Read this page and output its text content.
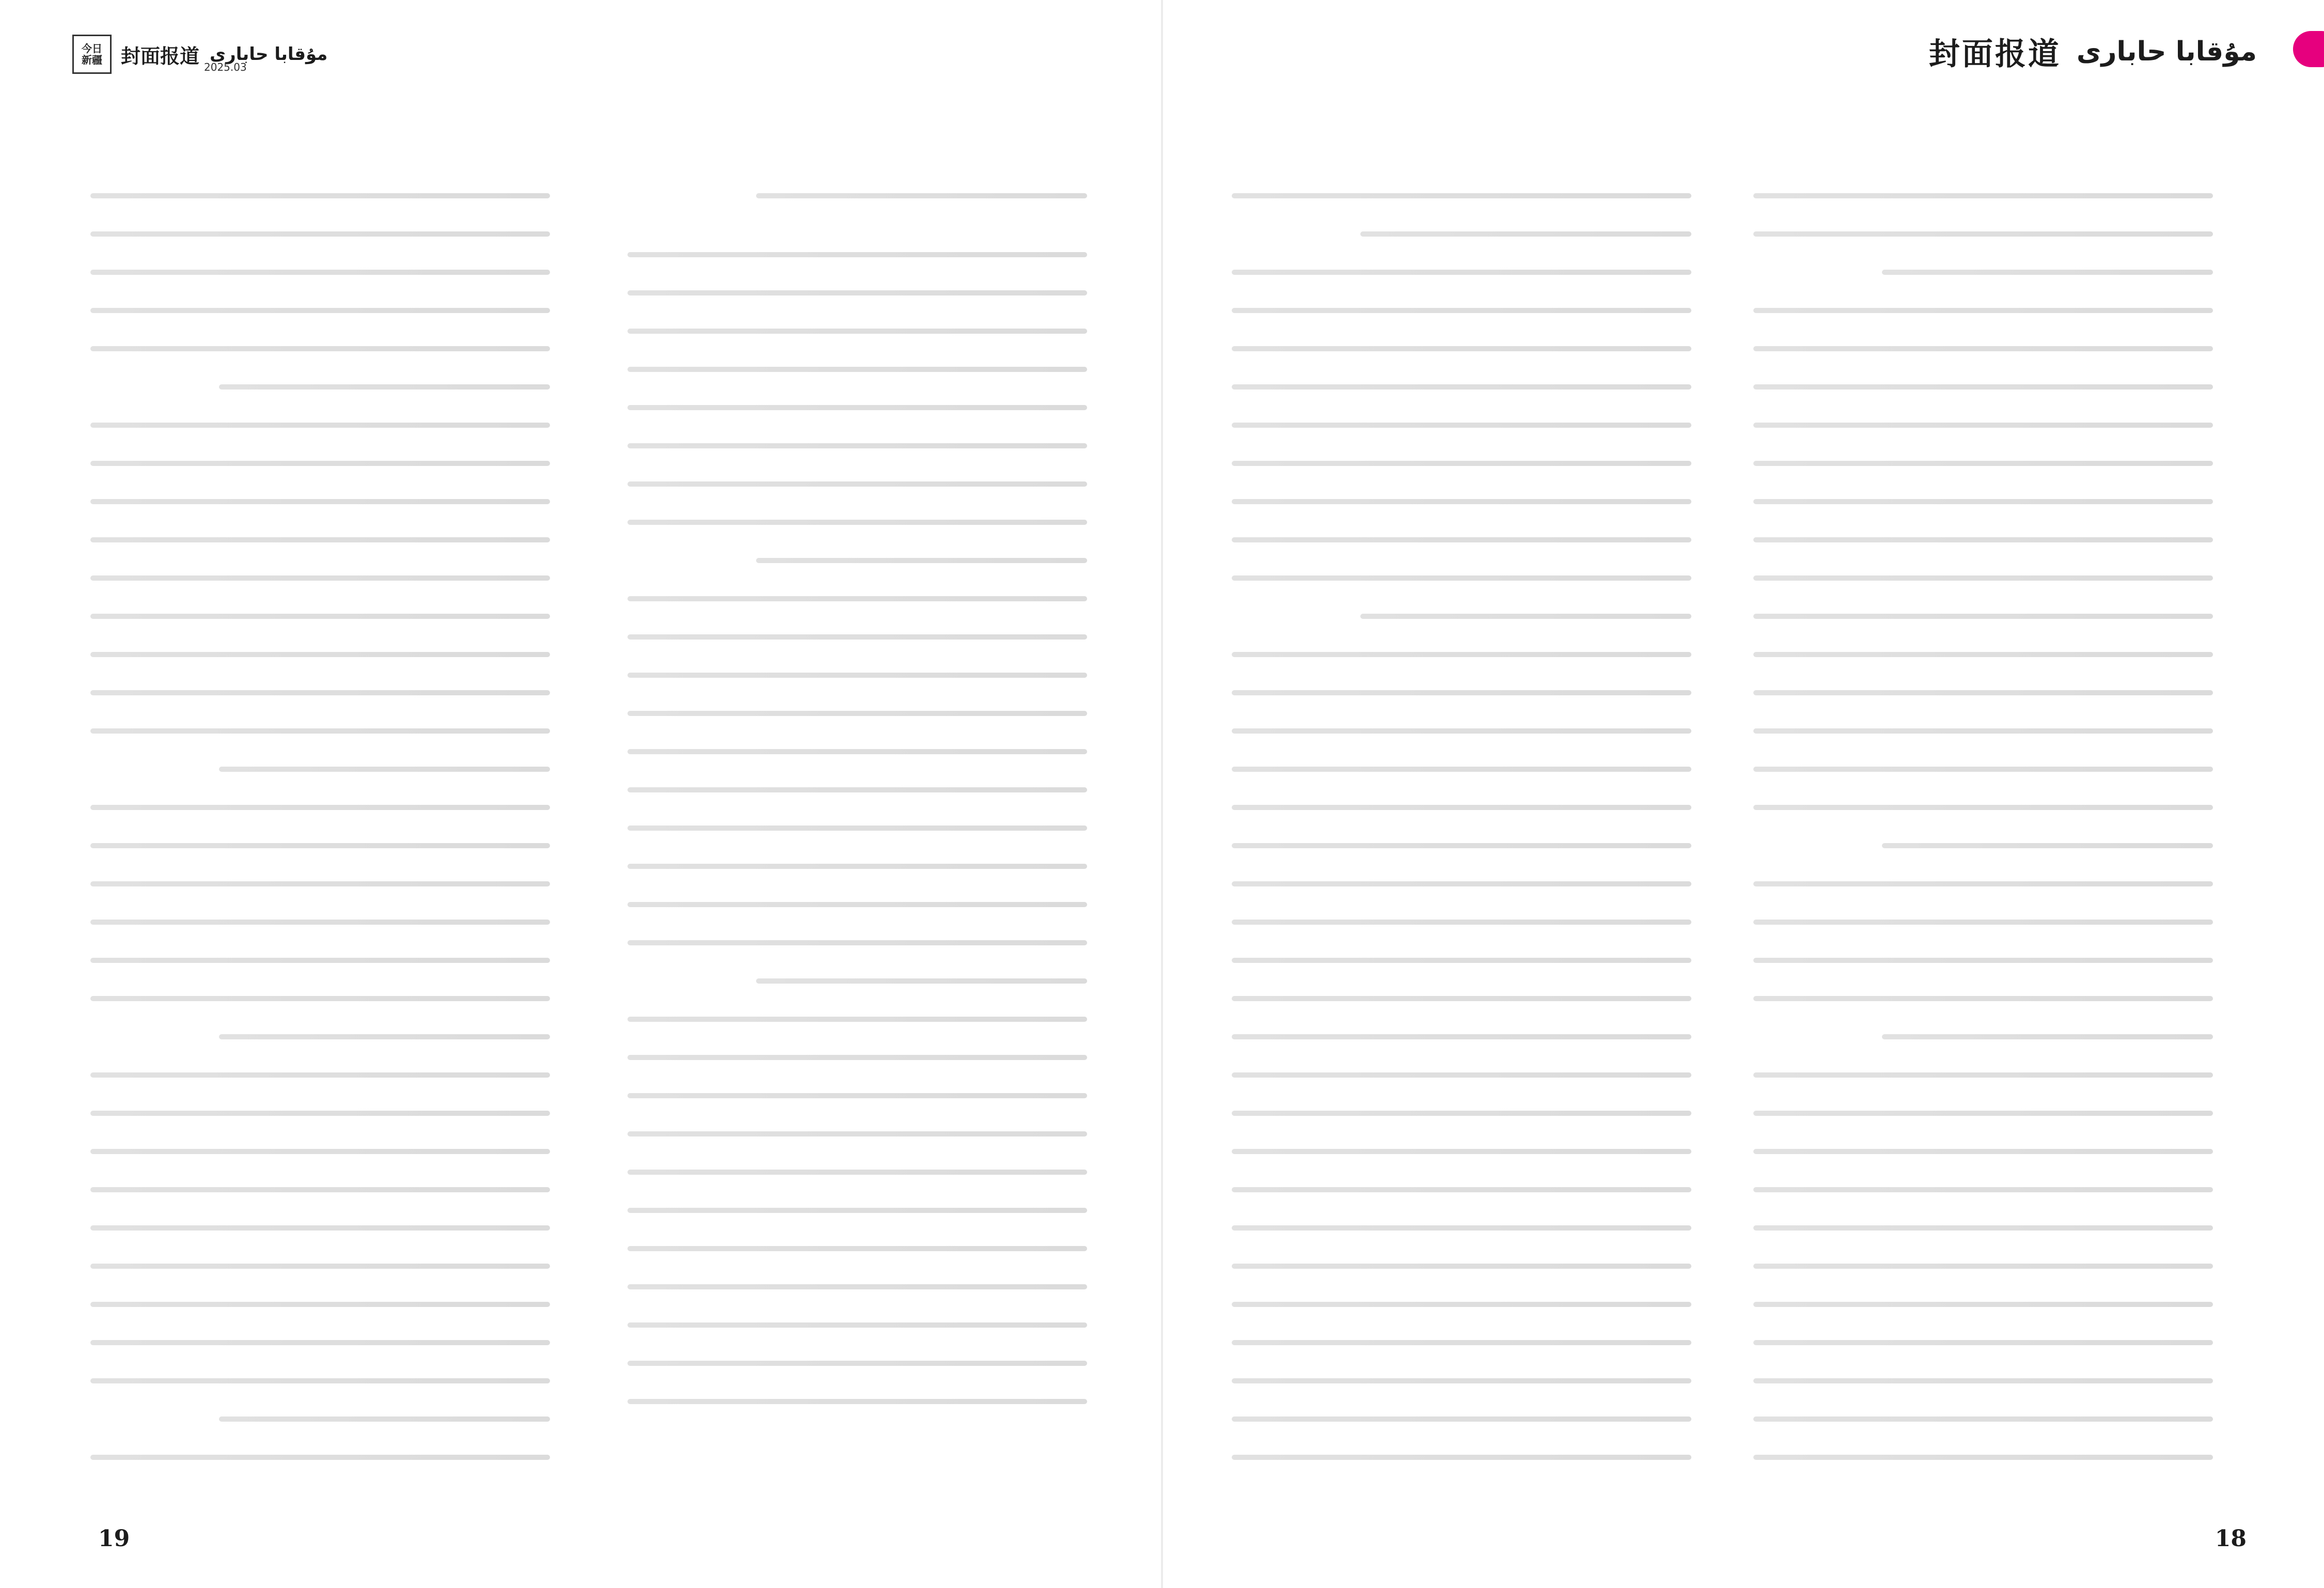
今日
新疆 封面报道 2025.03
مۇقابا حابارى
19
封面报道 مۇقابا حابارى
18
